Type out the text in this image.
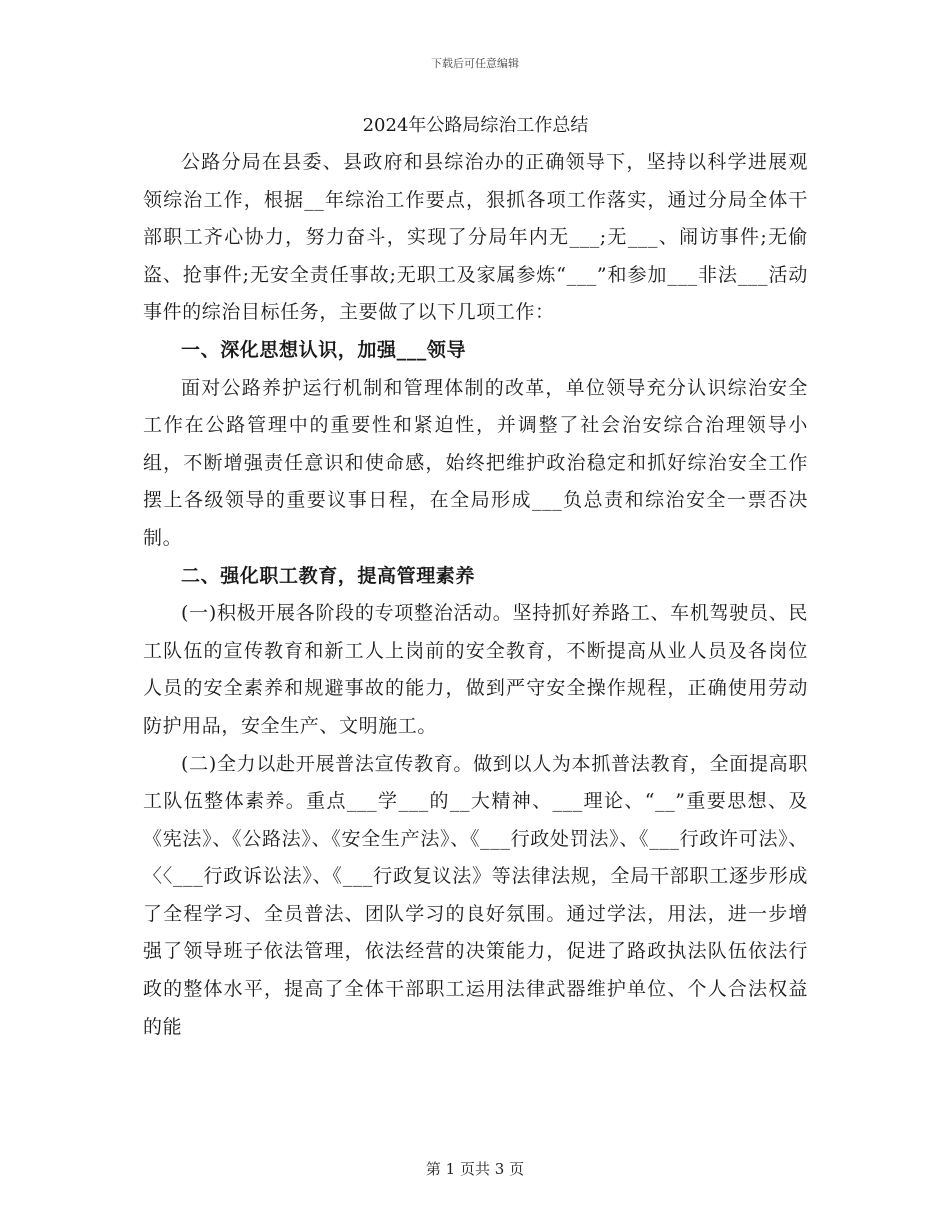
下载后可任意编辑
2024年公路局综治工作总结

公路分局在县委、县政府和县综治办的正确领导下，坚持以科学进展观领综治工作，根据__年综治工作要点，狠抓各项工作落实，通过分局全体干部职工齐心协力，努力奋斗，实现了分局年内无___;无___、闹访事件;无偷盗、抢事件;无安全责任事故;无职工及家属参炼“___”和参加___非法___活动事件的综治目标任务，主要做了以下几项工作：

一、深化思想认识，加强___领导

面对公路养护运行机制和管理体制的改革，单位领导充分认识综治安全工作在公路管理中的重要性和紧迫性，并调整了社会治安综合治理领导小组，不断增强责任意识和使命感，始终把维护政治稳定和抓好综治安全工作摆上各级领导的重要议事日程，在全局形成___负总责和综治安全一票否决制。

二、强化职工教育，提高管理素养

(一)积极开展各阶段的专项整治活动。坚持抓好养路工、车机驾驶员、民工队伍的宣传教育和新工人上岗前的安全教育，不断提高从业人员及各岗位人员的安全素养和规避事故的能力，做到严守安全操作规程，正确使用劳动防护用品，安全生产、文明施工。

(二)全力以赴开展普法宣传教育。做到以人为本抓普法教育，全面提高职工队伍整体素养。重点___学___的__大精神、___理论、“__”重要思想、及《宪法》、《公路法》、《安全生产法》、《___行政处罚法》、《___行政许可法》、〈〈___行政诉讼法》、《___行政复议法》等法律法规，全局干部职工逐步形成了全程学习、全员普法、团队学习的良好氛围。通过学法，用法，进一步增强了领导班子依法管理，依法经营的决策能力，促进了路政执法队伍依法行政的整体水平，提高了全体干部职工运用法律武器维护单位、个人合法权益的能

第 1 页共 3 页
